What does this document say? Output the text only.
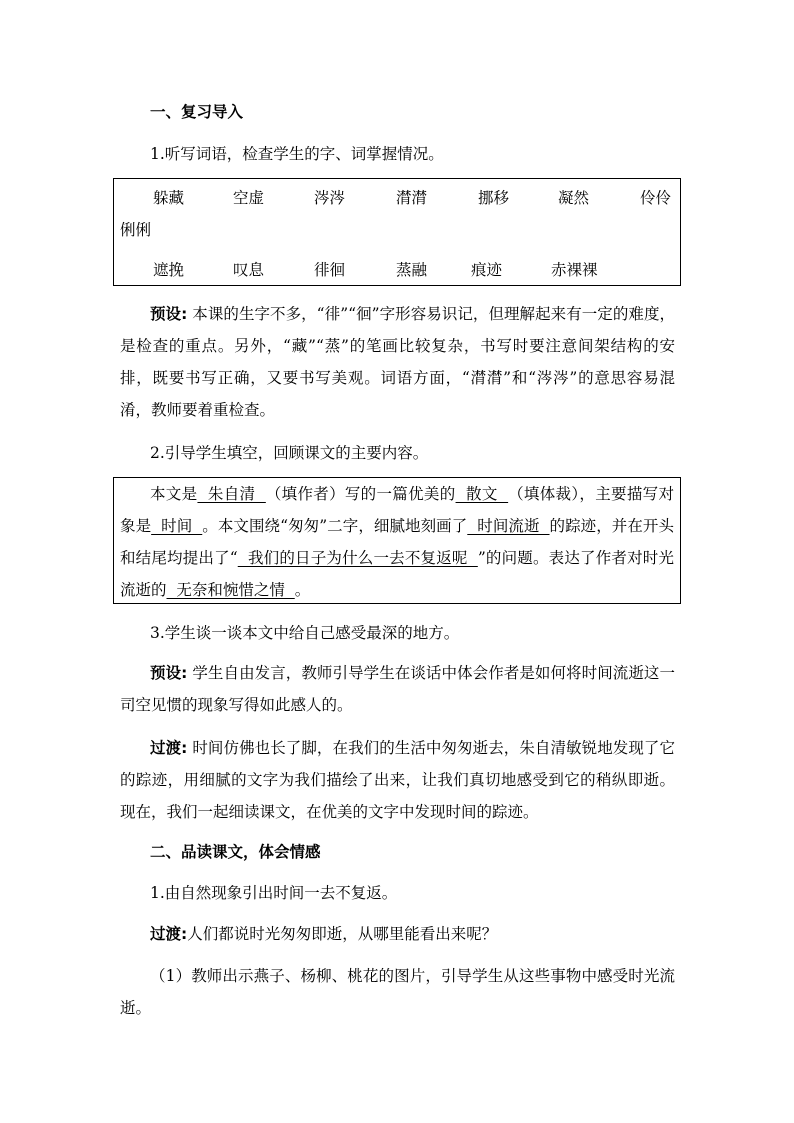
一、复习导入
1.听写词语，检查学生的字、词掌握情况。
躲藏	空虚	涔涔	潸潸	挪移	凝然	伶伶
俐俐
遮挽	叹息	徘徊	蒸融	痕迹	赤裸裸
预设: 本课的生字不多，“徘”“徊”字形容易识记，但理解起来有一定的难度，是检查的重点。另外，“藏”“蒸”的笔画比较复杂，书写时要注意间架结构的安排，既要书写正确，又要书写美观。词语方面，“潸潸”和“涔涔”的意思容易混淆，教师要着重检查。
2.引导学生填空，回顾课文的主要内容。
本文是  朱自清  （填作者）写的一篇优美的  散文  （填体裁），主要描写对象是  时间  。本文围绕“匆匆”二字，细腻地刻画了  时间流逝  的踪迹，并在开头和结尾均提出了“  我们的日子为什么一去不复返呢  ”的问题。表达了作者对时光流逝的  无奈和惋惜之情  。
3.学生谈一谈本文中给自己感受最深的地方。
预设: 学生自由发言，教师引导学生在谈话中体会作者是如何将时间流逝这一司空见惯的现象写得如此感人的。
过渡: 时间仿佛也长了脚，在我们的生活中匆匆逝去，朱自清敏锐地发现了它的踪迹，用细腻的文字为我们描绘了出来，让我们真切地感受到它的稍纵即逝。现在，我们一起细读课文，在优美的文字中发现时间的踪迹。
二、品读课文，体会情感
1.由自然现象引出时间一去不复返。
过渡:人们都说时光匆匆即逝，从哪里能看出来呢？
（1）教师出示燕子、杨柳、桃花的图片，引导学生从这些事物中感受时光流逝。
